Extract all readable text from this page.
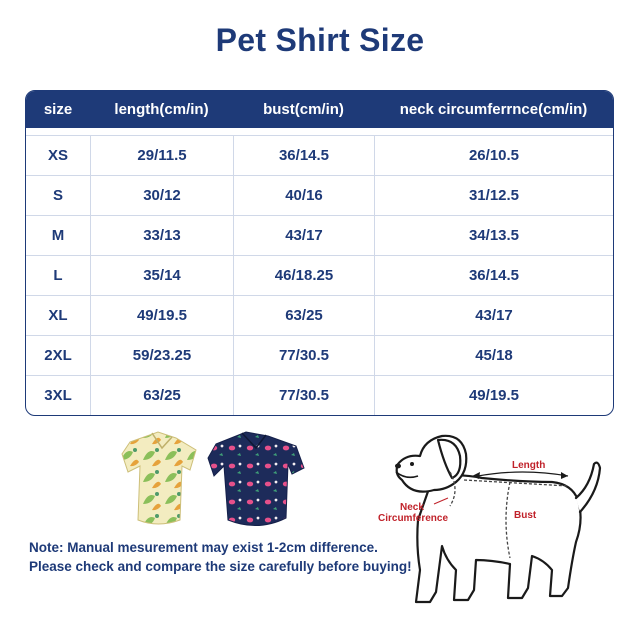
Pet Shirt Size
size	length(cm/in)	bust(cm/in)	neck circumferrnce(cm/in)
XS	29/11.5	36/14.5	26/10.5
S	30/12	40/16	31/12.5
M	33/13	43/17	34/13.5
L	35/14	46/18.25	36/14.5
XL	49/19.5	63/25	43/17
2XL	59/23.25	77/30.5	45/18
3XL	63/25	77/30.5	49/19.5
Note: Manual mesurement may exist 1-2cm difference.
Please check and compare the size carefully before buying!
Length
Neck
Circumference	Bust
